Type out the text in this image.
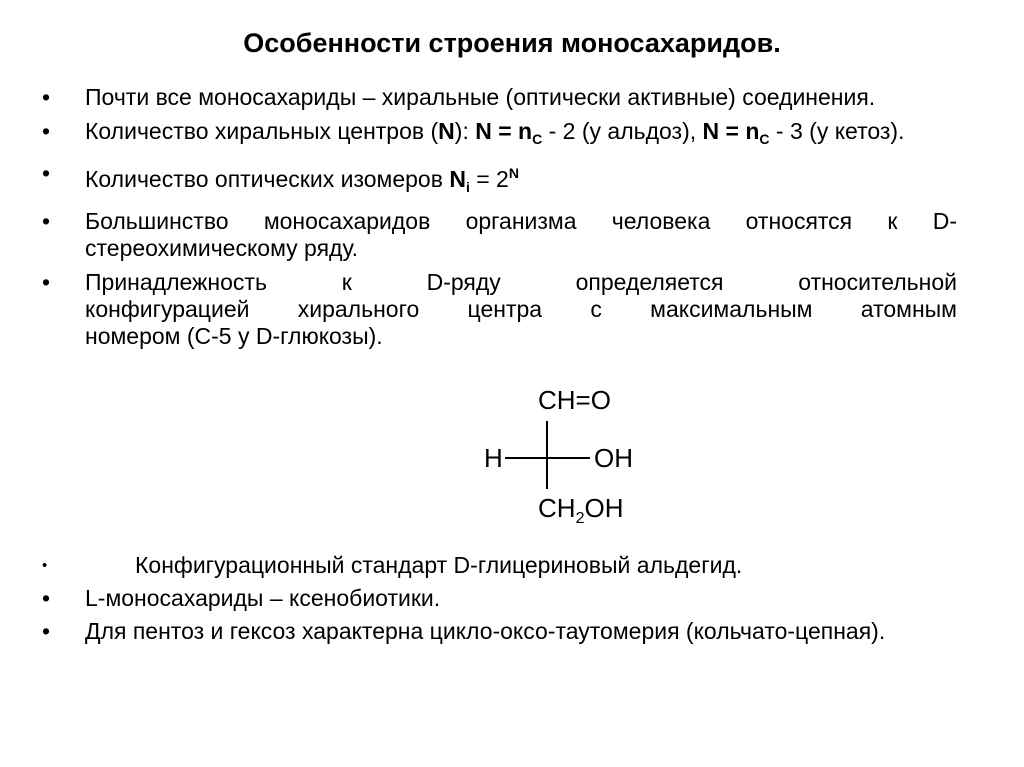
Особенности строения моносахаридов.
•	Почти все моносахариды – хиральные (оптически активные) соединения.
•	Количество хиральных центров (N): $N = n_С - 2$ (у альдоз), $N = n_С - 3$ (у кетоз).
•	Количество оптических изомеров $N_i = 2^N$
•	Большинство моносахаридов организма человека относятся к D-стереохимическому ряду.
•	Принадлежность к D-ряду определяется относительной
конфигурацией хирального центра с максимальным атомным
номером (С-5 у D-глюкозы).
CH=O
H	OH
$CH_2OH$
•	Конфигурационный стандарт D-глицериновый альдегид.
•	L-моносахариды – ксенобиотики.
•	Для пентоз и гексоз характерна цикло-оксо-таутомерия (кольчато-цепная).
